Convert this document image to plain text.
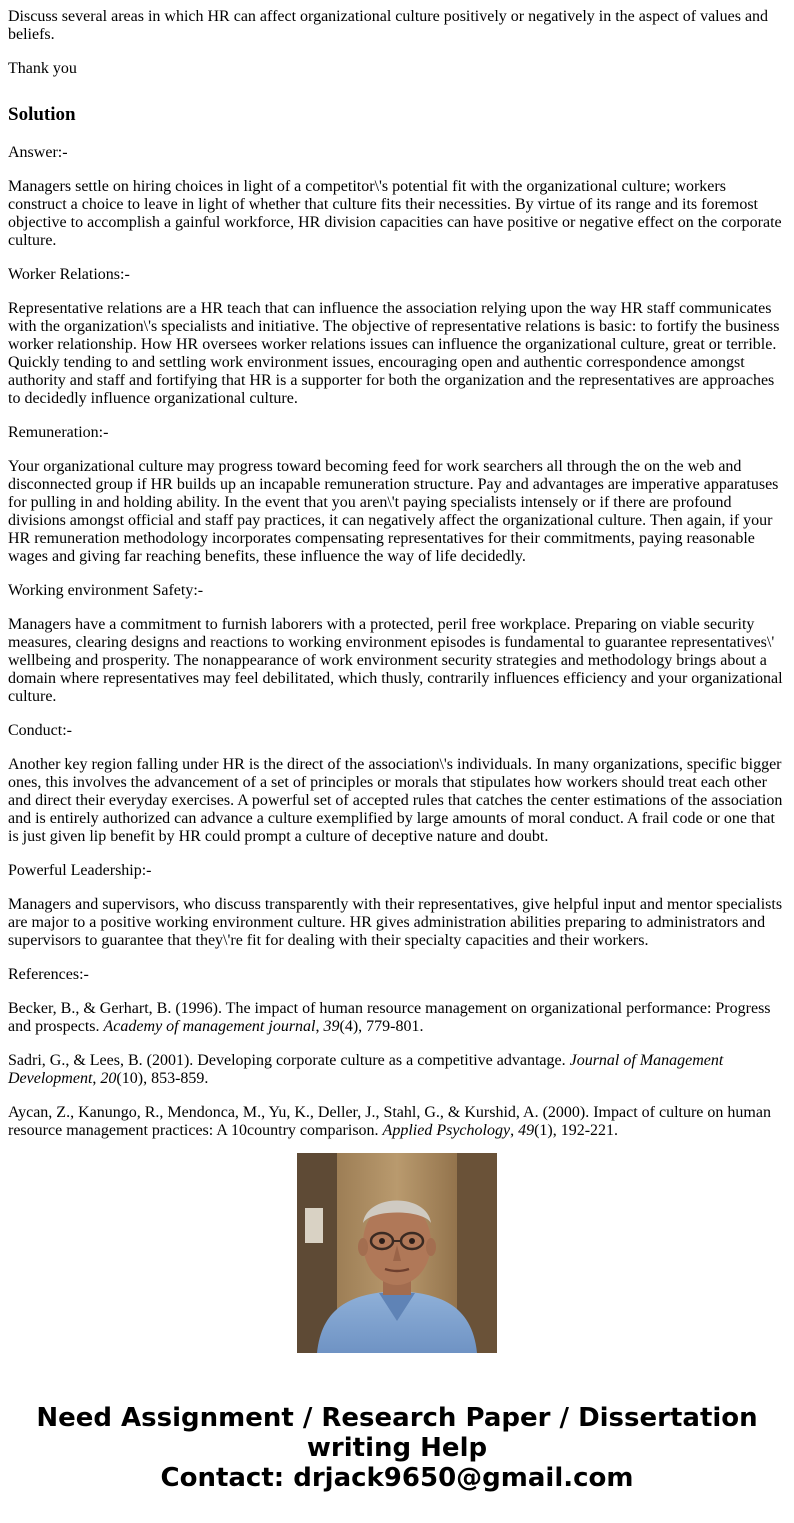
Discuss several areas in which HR can affect organizational culture positively or negatively in the aspect of values and beliefs.

Thank you

Solution

Answer:-

Managers settle on hiring choices in light of a competitor\'s potential fit with the organizational culture; workers construct a choice to leave in light of whether that culture fits their necessities. By virtue of its range and its foremost objective to accomplish a gainful workforce, HR division capacities can have positive or negative effect on the corporate culture.

Worker Relations:-

Representative relations are a HR teach that can influence the association relying upon the way HR staff communicates with the organization\'s specialists and initiative. The objective of representative relations is basic: to fortify the business worker relationship. How HR oversees worker relations issues can influence the organizational culture, great or terrible. Quickly tending to and settling work environment issues, encouraging open and authentic correspondence amongst authority and staff and fortifying that HR is a supporter for both the organization and the representatives are approaches to decidedly influence organizational culture.

Remuneration:-

Your organizational culture may progress toward becoming feed for work searchers all through the on the web and disconnected group if HR builds up an incapable remuneration structure. Pay and advantages are imperative apparatuses for pulling in and holding ability. In the event that you aren\'t paying specialists intensely or if there are profound divisions amongst official and staff pay practices, it can negatively affect the organizational culture. Then again, if your HR remuneration methodology incorporates compensating representatives for their commitments, paying reasonable wages and giving far reaching benefits, these influence the way of life decidedly.

Working environment Safety:-

Managers have a commitment to furnish laborers with a protected, peril free workplace. Preparing on viable security measures, clearing designs and reactions to working environment episodes is fundamental to guarantee representatives\' wellbeing and prosperity. The nonappearance of work environment security strategies and methodology brings about a domain where representatives may feel debilitated, which thusly, contrarily influences efficiency and your organizational culture.

Conduct:-

Another key region falling under HR is the direct of the association\'s individuals. In many organizations, specific bigger ones, this involves the advancement of a set of principles or morals that stipulates how workers should treat each other and direct their everyday exercises. A powerful set of accepted rules that catches the center estimations of the association and is entirely authorized can advance a culture exemplified by large amounts of moral conduct. A frail code or one that is just given lip benefit by HR could prompt a culture of deceptive nature and doubt.

Powerful Leadership:-

Managers and supervisors, who discuss transparently with their representatives, give helpful input and mentor specialists are major to a positive working environment culture. HR gives administration abilities preparing to administrators and supervisors to guarantee that they\'re fit for dealing with their specialty capacities and their workers.

References:-

Becker, B., & Gerhart, B. (1996). The impact of human resource management on organizational performance: Progress and prospects. Academy of management journal, 39(4), 779-801.

Sadri, G., & Lees, B. (2001). Developing corporate culture as a competitive advantage. Journal of Management Development, 20(10), 853-859.

Aycan, Z., Kanungo, R., Mendonca, M., Yu, K., Deller, J., Stahl, G., & Kurshid, A. (2000). Impact of culture on human resource management practices: A 10country comparison. Applied Psychology, 49(1), 192-221.

Need Assignment / Research Paper / Dissertation
writing Help
Contact: drjack9650@gmail.com
